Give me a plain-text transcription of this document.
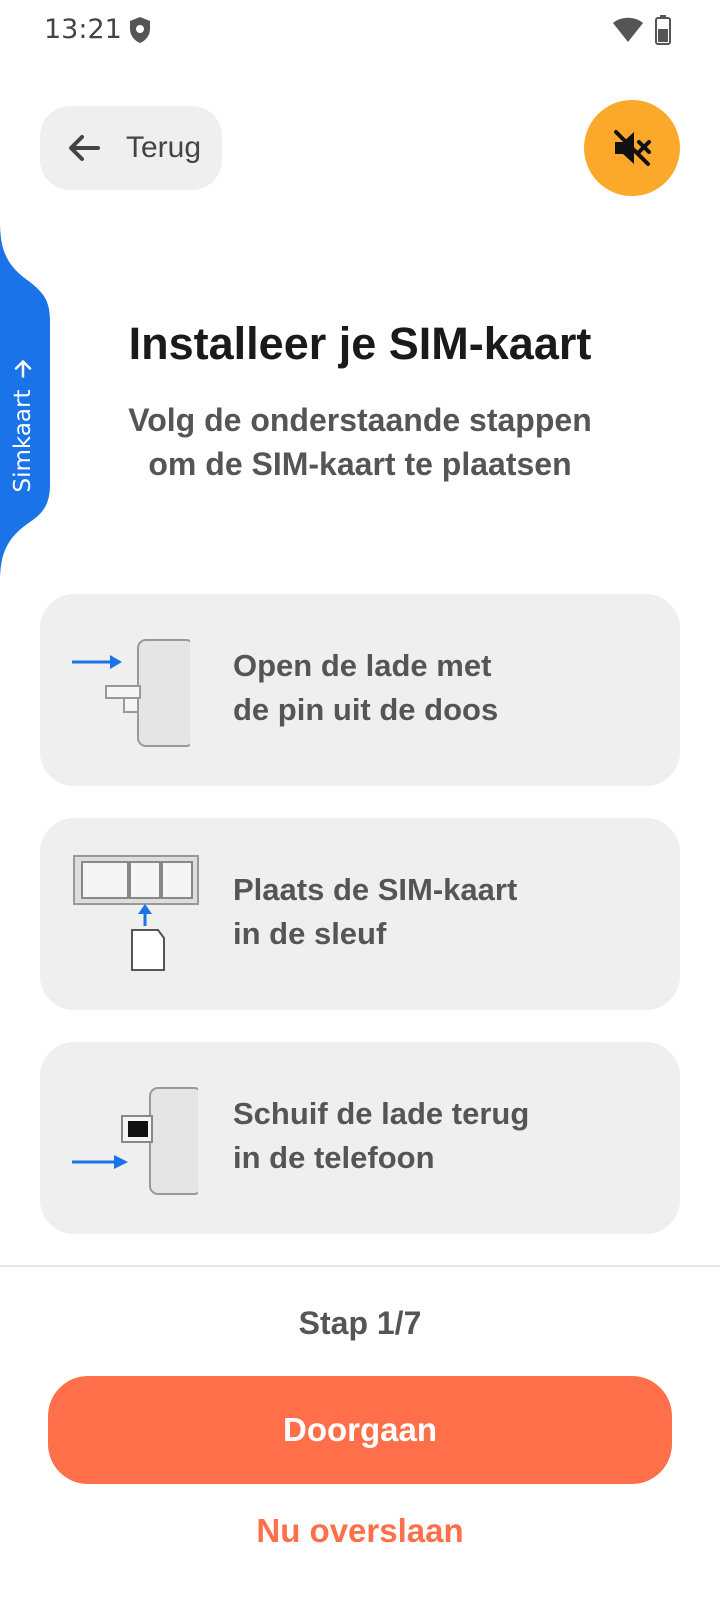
13:21
Terug
Simkaart
Installeer je SIM-kaart

Volg de onderstaande stappen om de SIM-kaart te plaatsen

Open de lade met
de pin uit de doos
Plaats de SIM-kaart
in de sleuf
Schuif de lade terug
in de telefoon
Stap 1/7
Doorgaan
Nu overslaan
